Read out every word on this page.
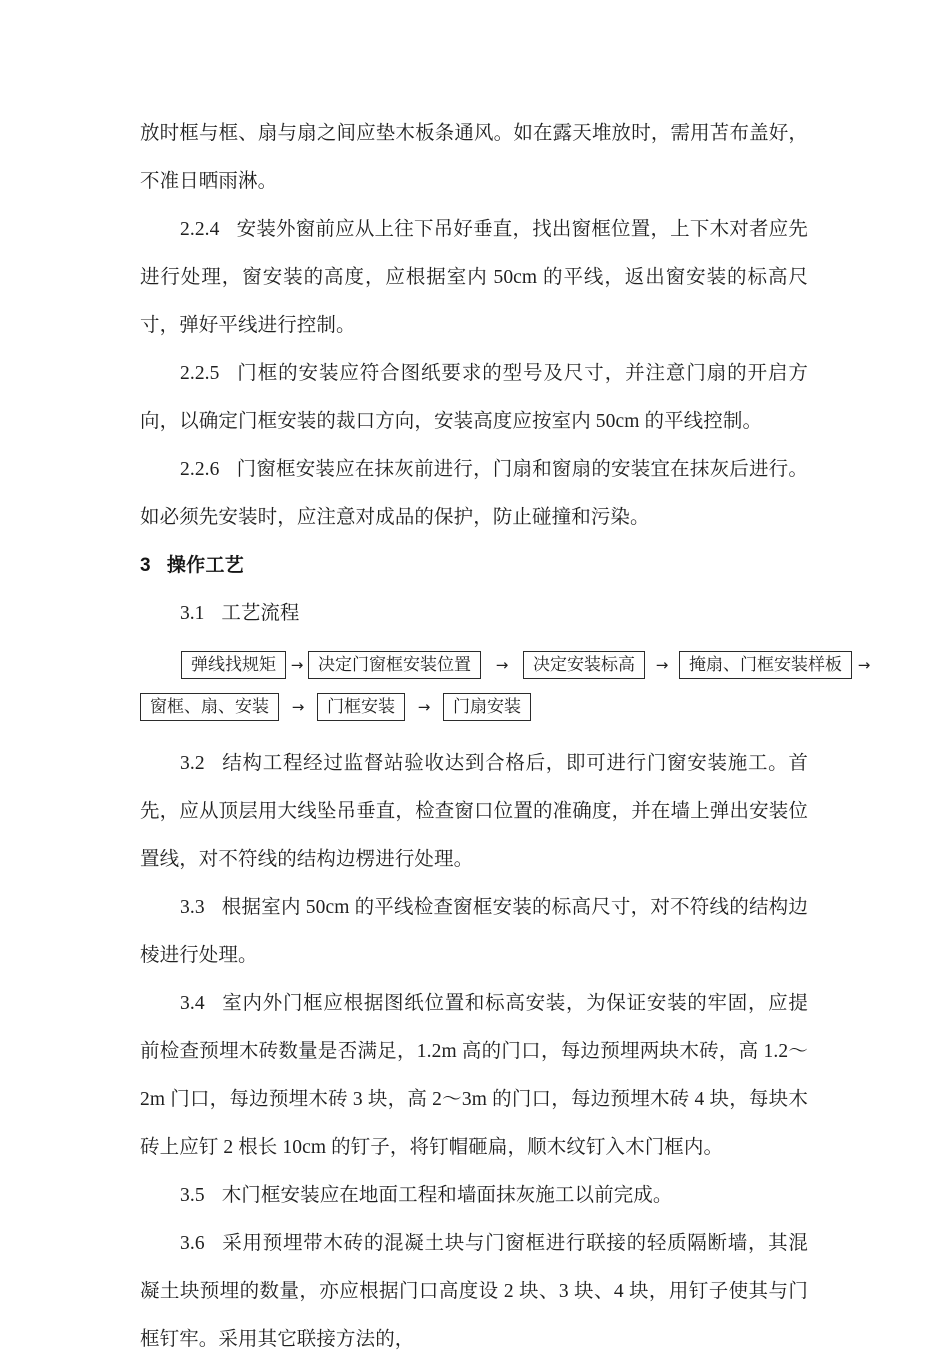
放时框与框、扇与扇之间应垫木板条通风。如在露天堆放时，需用苫布盖好，不准日晒雨淋。

2.2.4 安装外窗前应从上往下吊好垂直，找出窗框位置，上下木对者应先进行处理，窗安装的高度，应根据室内 50cm 的平线，返出窗安装的标高尺寸，弹好平线进行控制。

2.2.5 门框的安装应符合图纸要求的型号及尺寸，并注意门扇的开启方向，以确定门框安装的裁口方向，安装高度应按室内 50cm 的平线控制。

2.2.6 门窗框安装应在抹灰前进行，门扇和窗扇的安装宜在抹灰后进行。如必须先安装时，应注意对成品的保护，防止碰撞和污染。

3 操作工艺
3.1 工艺流程
弹线找规矩 → 决定门窗框安装位置	→	决定安装标高	→	掩扇、门框安装样板	→
窗框、扇、安装	→	门框安装	→	门扇安装

3.2 结构工程经过监督站验收达到合格后，即可进行门窗安装施工。首先，应从顶层用大线坠吊垂直，检查窗口位置的准确度，并在墙上弹出安装位置线，对不符线的结构边楞进行处理。

3.3 根据室内 50cm 的平线检查窗框安装的标高尺寸，对不符线的结构边棱进行处理。

3.4 室内外门框应根据图纸位置和标高安装，为保证安装的牢固，应提前检查预埋木砖数量是否满足，1.2m 高的门口，每边预埋两块木砖，高 1.2～2m 门口，每边预埋木砖 3 块，高 2～3m 的门口，每边预埋木砖 4 块，每块木砖上应钉 2 根长 10cm 的钉子，将钉帽砸扁，顺木纹钉入木门框内。

3.5 木门框安装应在地面工程和墙面抹灰施工以前完成。

3.6 采用预埋带木砖的混凝土块与门窗框进行联接的轻质隔断墙，其混凝土块预埋的数量，亦应根据门口高度设 2 块、3 块、4 块，用钉子使其与门框钉牢。采用其它联接方法的，
